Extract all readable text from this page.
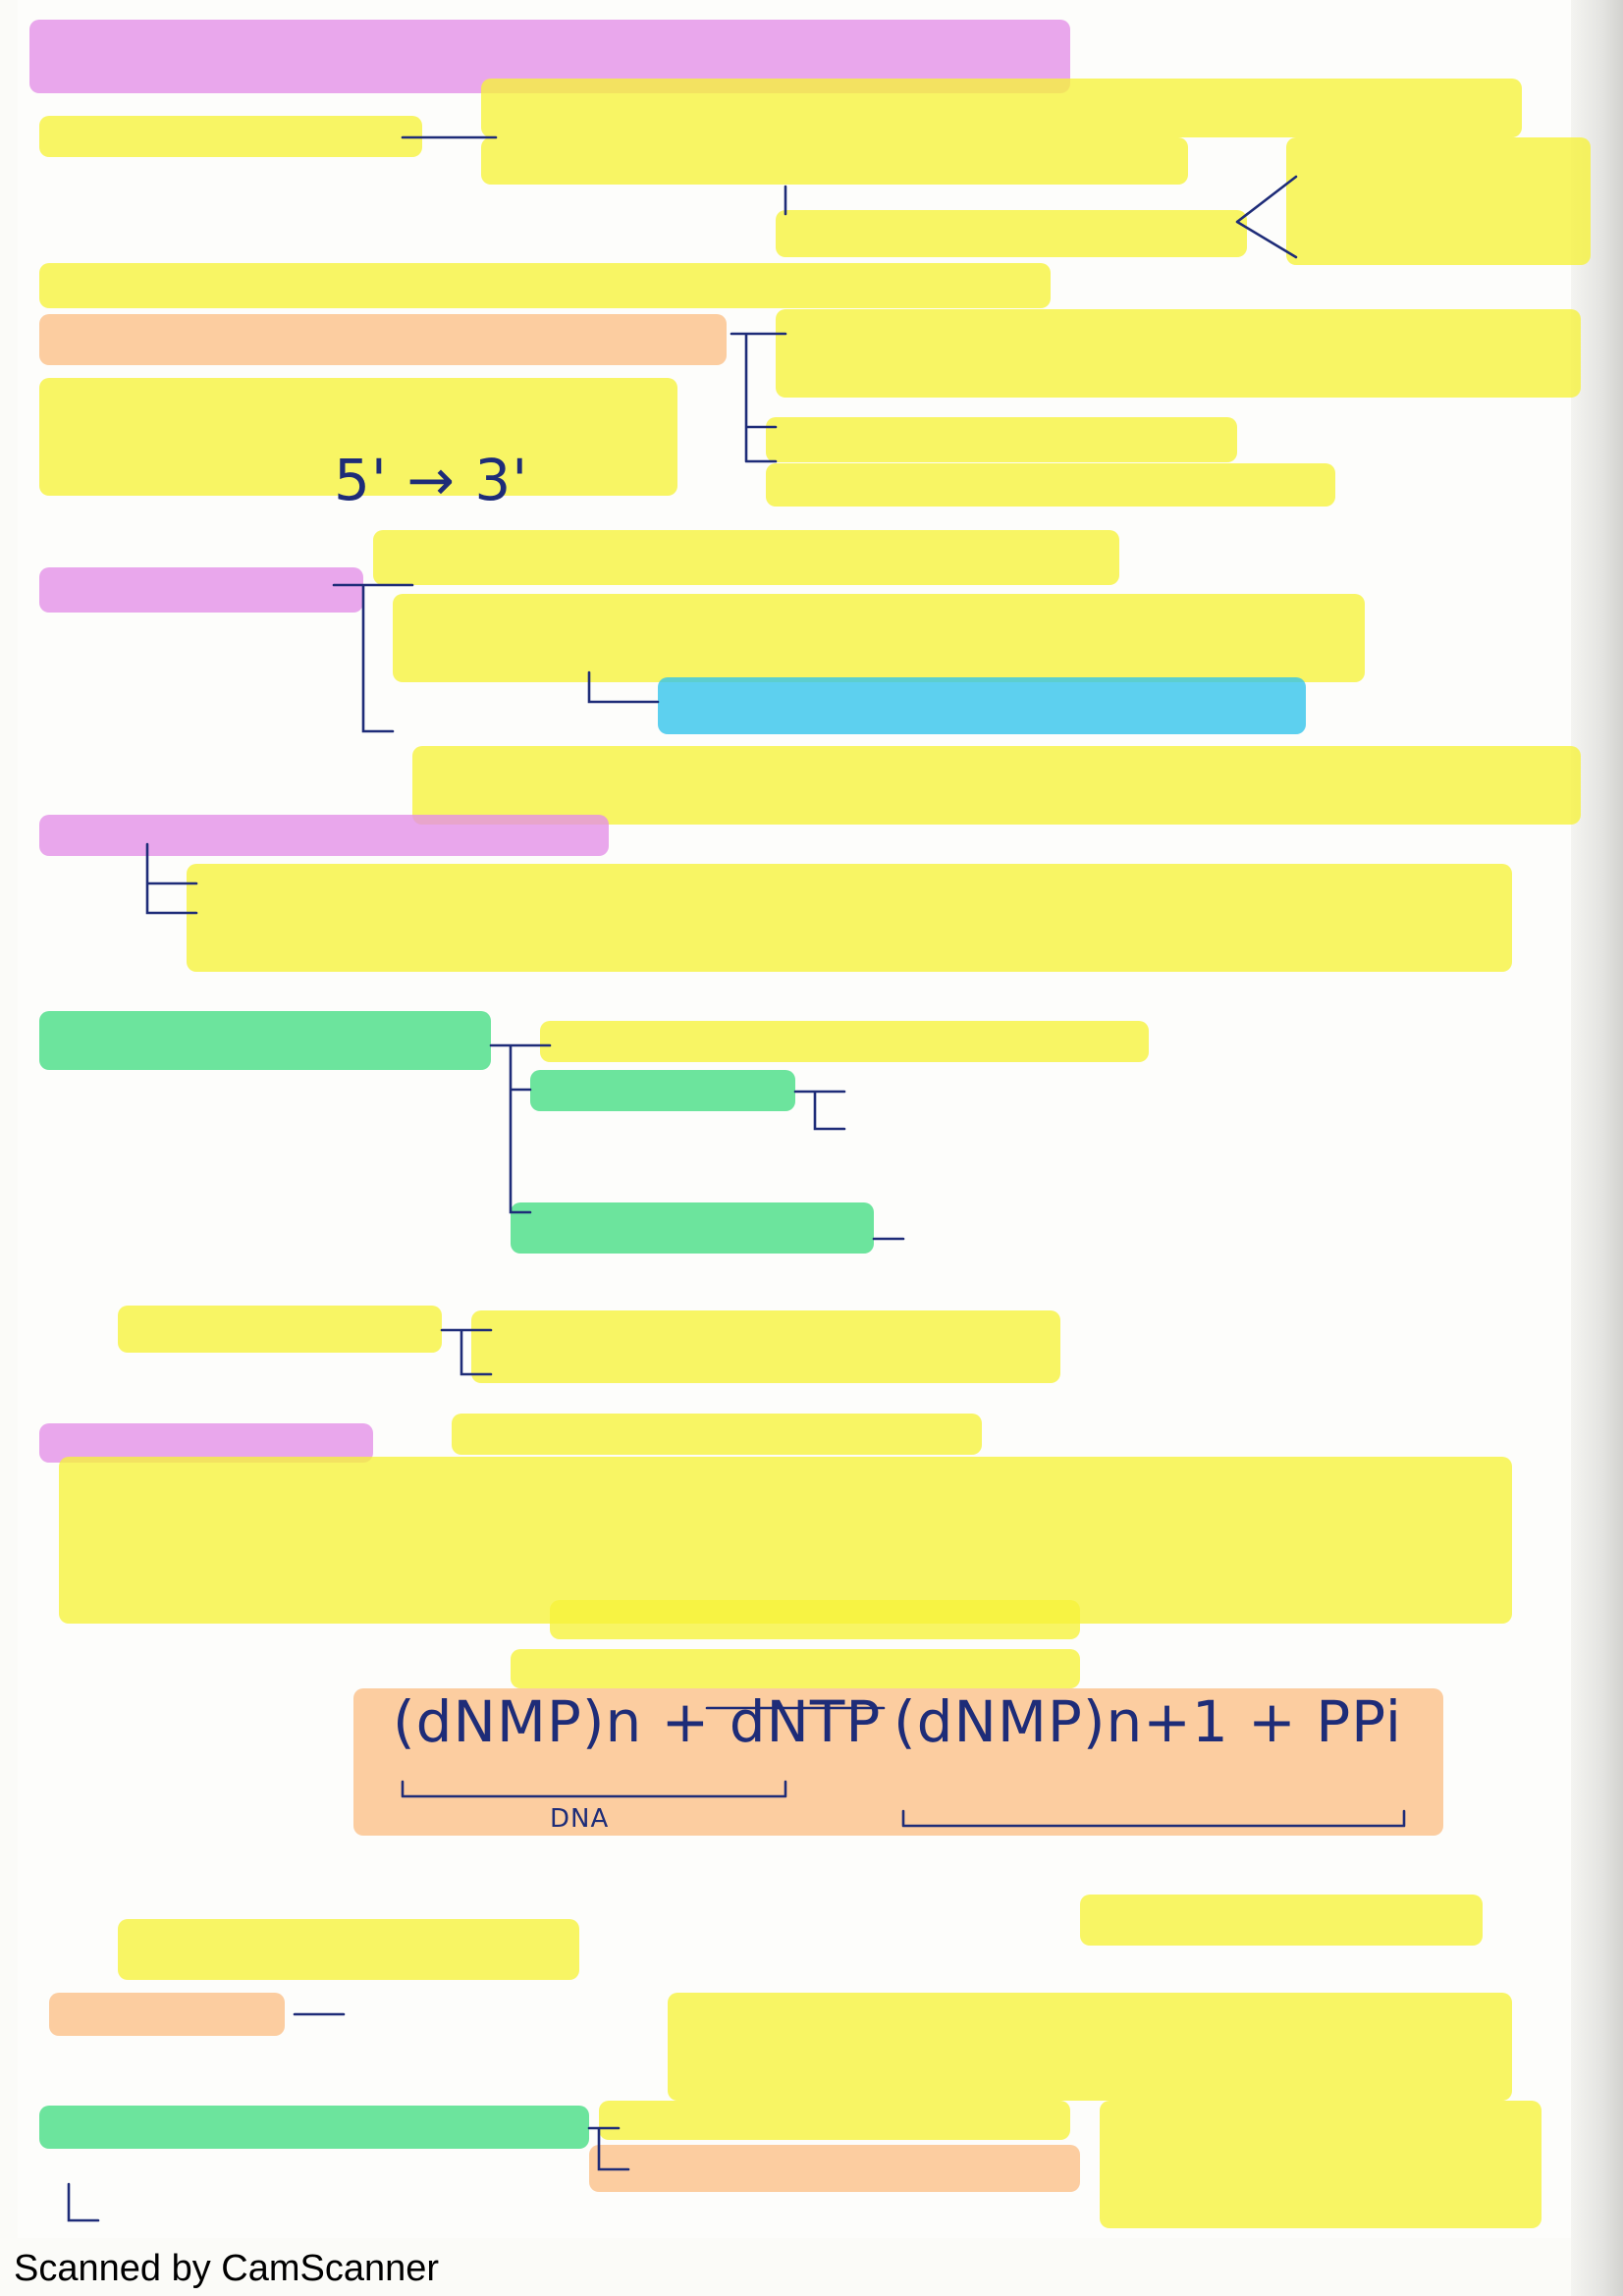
5' → 3'
(dNMP)n + dNTP (dNMP)n+1 + PPi
DNA
Scanned by CamScanner
